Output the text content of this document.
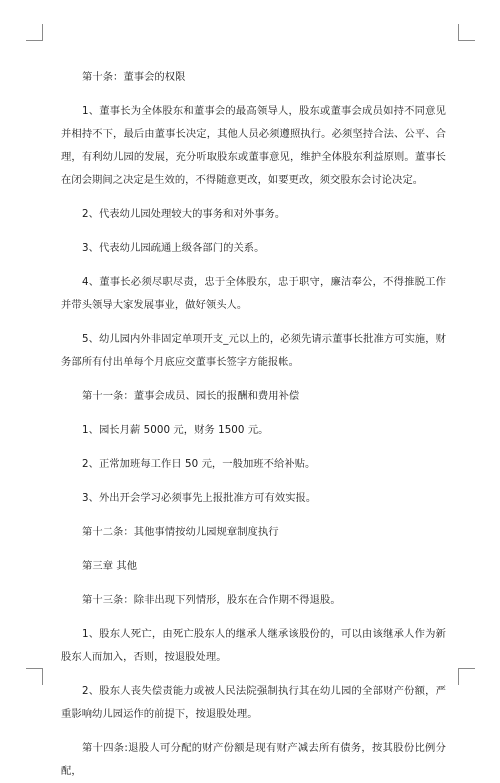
第十条：董事会的权限

1、董事长为全体股东和董事会的最高领导人，股东或董事会成员如持不同意见并相持不下，最后由董事长决定，其他人员必须遵照执行。必须坚持合法、公平、合理，有利幼儿园的发展，充分听取股东或董事意见，维护全体股东利益原则。董事长在闭会期间之决定是生效的，不得随意更改，如要更改，须交股东会讨论决定。

2、代表幼儿园处理较大的事务和对外事务。

3、代表幼儿园疏通上级各部门的关系。

4、董事长必须尽职尽责，忠于全体股东，忠于职守，廉洁奉公，不得推脱工作并带头领导大家发展事业，做好领头人。

5、幼儿园内外非固定单项开支_元以上的，必须先请示董事长批准方可实施，财务部所有付出单每个月底应交董事长签字方能报帐。

第十一条：董事会成员、园长的报酬和费用补偿

1、园长月薪 5000 元，财务 1500 元。

2、正常加班每工作日 50 元，一般加班不给补贴。

3、外出开会学习必须事先上报批准方可有效实报。

第十二条：其他事情按幼儿园规章制度执行

第三章 其他

第十三条：除非出现下列情形，股东在合作期不得退股。

1、股东人死亡，由死亡股东人的继承人继承该股份的，可以由该继承人作为新股东人而加入，否则，按退股处理。

2、股东人丧失偿责能力或被人民法院强制执行其在幼儿园的全部财产份额，严重影响幼儿园运作的前提下，按退股处理。

第十四条:退股人可分配的财产份额是现有财产减去所有债务，按其股份比例分配，
